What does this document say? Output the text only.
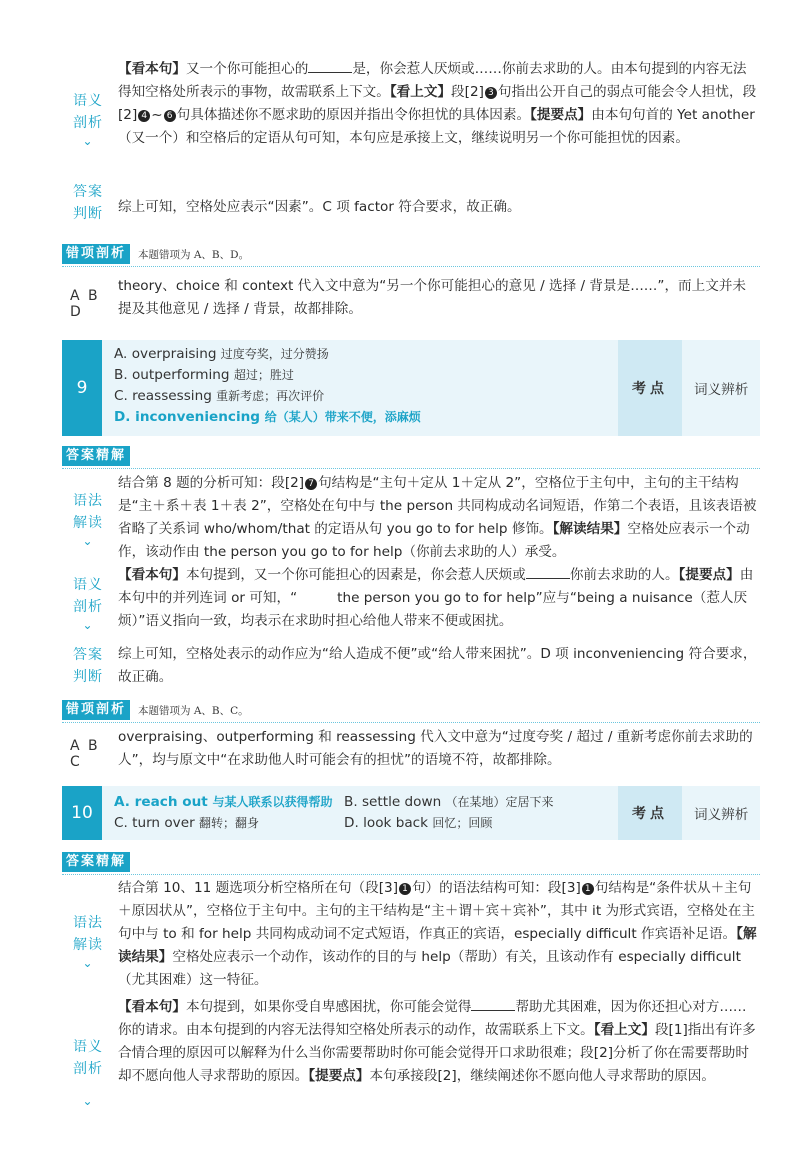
语义剖析
⌄

【看本句】又一个你可能担心的	是，你会惹人厌烦或……你前去求助的人。由本句提到的内容无法得知空格处所表示的事物，故需联系上下文。【看上文】段[2] 3 句指出公开自己的弱点可能会令人担忧，段[2] 4 ~ 6 句具体描述你不愿求助的原因并指出令你担忧的具体因素。【提要点】由本句句首的 Yet another（又一个）和空格后的定语从句可知，本句应是承接上文，继续说明另一个你可能担忧的因素。

答案判断 综上可知，空格处应表示“因素”。C 项 factor 符合要求，故正确。

错项剖析	本题错项为 A、B、D。
A B D

theory、choice 和 context 代入文中意为“另一个你可能担心的意见 / 选择 / 背景是……”，而上文并未提及其他意见 / 选择 / 背景，故都排除。

9
A. overpraising 过度夸奖，过分赞扬
B. outperforming 超过；胜过
C. reassessing 重新考虑；再次评价
D. inconveniencing 给（某人）带来不便，添麻烦
考点	词义辨析
答案精解
语法解读
⌄

结合第 8 题的分析可知：段[2] 7 句结构是“主句＋定从 1＋定从 2”，空格位于主句中，主句的主干结构是“主＋系＋表 1＋表 2”，空格处在句中与 the person 共同构成动名词短语，作第二个表语，且该表语被省略了关系词 who/whom/that 的定语从句 you go to for help 修饰。【解读结果】空格处应表示一个动作，该动作由 the person you go to for help（你前去求助的人）承受。

语义剖析
⌄

【看本句】本句提到，又一个你可能担心的因素是，你会惹人厌烦或	你前去求助的人。【提要点】由本句中的并列连词 or 可知，“	the person you go to for help”应与“being a nuisance（惹人厌烦）”语义指向一致，均表示在求助时担心给他人带来不便或困扰。

答案判断

综上可知，空格处表示的动作应为“给人造成不便”或“给人带来困扰”。D 项 inconveniencing 符合要求，故正确。

错项剖析	本题错项为 A、B、C。
A B C

overpraising、outperforming 和 reassessing 代入文中意为“过度夸奖 / 超过 / 重新考虑你前去求助的人”，均与原文中“在求助他人时可能会有的担忧”的语境不符，故都排除。

10
A. reach out 与某人联系以获得帮助
C. turn over 翻转；翻身
B. settle down （在某地）定居下来
D. look back 回忆；回顾
考点	词义辨析
答案精解
语法解读
⌄

结合第 10、11 题选项分析空格所在句（段[3] 1 句）的语法结构可知：段[3] 1 句结构是“条件状从＋主句＋原因状从”，空格位于主句中。主句的主干结构是“主＋谓＋宾＋宾补”，其中 it 为形式宾语，空格处在主句中与 to 和 for help 共同构成动词不定式短语，作真正的宾语，especially difficult 作宾语补足语。【解读结果】空格处应表示一个动作，该动作的目的与 help（帮助）有关，且该动作有 especially difficult（尤其困难）这一特征。

语义剖析
⌄

【看本句】本句提到，如果你受自卑感困扰，你可能会觉得	帮助尤其困难，因为你还担心对方……你的请求。由本句提到的内容无法得知空格处所表示的动作，故需联系上下文。【看上文】段[1]指出有许多合情合理的原因可以解释为什么当你需要帮助时你可能会觉得开口求助很难；段[2]分析了你在需要帮助时却不愿向他人寻求帮助的原因。【提要点】本句承接段[2]，继续阐述你不愿向他人寻求帮助的原因。
